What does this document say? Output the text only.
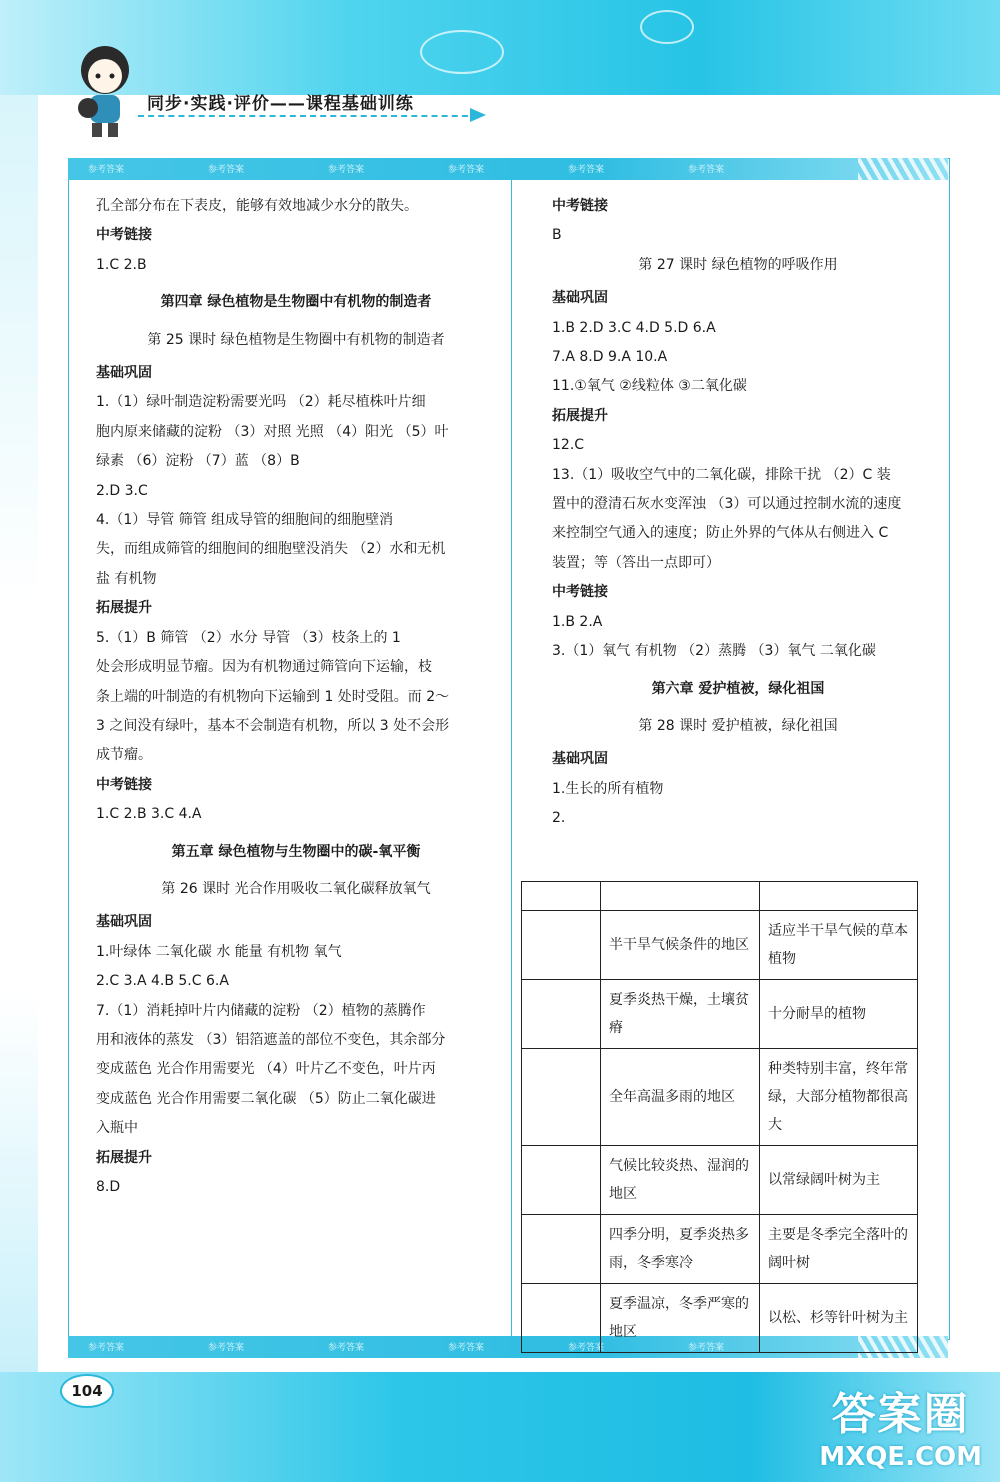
同步·实践·评价——课程基础训练
参考答案	参考答案	参考答案	参考答案	参考答案	参考答案
参考答案	参考答案	参考答案	参考答案	参考答案	参考答案

孔全部分布在下表皮，能够有效地减少水分的散失。

中考链接

1.C 2.B

第四章 绿色植物是生物圈中有机物的制造者

第 25 课时 绿色植物是生物圈中有机物的制造者

基础巩固

1.（1）绿叶制造淀粉需要光吗 （2）耗尽植株叶片细

胞内原来储藏的淀粉 （3）对照 光照 （4）阳光 （5）叶

绿素 （6）淀粉 （7）蓝 （8）B

2.D 3.C

4.（1）导管 筛管 组成导管的细胞间的细胞壁消

失，而组成筛管的细胞间的细胞壁没消失 （2）水和无机

盐 有机物

拓展提升

5.（1）B 筛管 （2）水分 导管 （3）枝条上的 1

处会形成明显节瘤。因为有机物通过筛管向下运输，枝

条上端的叶制造的有机物向下运输到 1 处时受阻。而 2～

3 之间没有绿叶，基本不会制造有机物，所以 3 处不会形

成节瘤。

中考链接

1.C 2.B 3.C 4.A

第五章 绿色植物与生物圈中的碳-氧平衡

第 26 课时 光合作用吸收二氧化碳释放氧气

基础巩固

1.叶绿体 二氧化碳 水 能量 有机物 氧气

2.C 3.A 4.B 5.C 6.A

7.（1）消耗掉叶片内储藏的淀粉 （2）植物的蒸腾作

用和液体的蒸发 （3）铝箔遮盖的部位不变色，其余部分

变成蓝色 光合作用需要光 （4）叶片乙不变色，叶片丙

变成蓝色 光合作用需要二氧化碳 （5）防止二氧化碳进

入瓶中

拓展提升

8.D

中考链接

B

第 27 课时 绿色植物的呼吸作用

基础巩固

1.B 2.D 3.C 4.D 5.D 6.A

7.A 8.D 9.A 10.A

11.①氧气 ②线粒体 ③二氧化碳

拓展提升

12.C

13.（1）吸收空气中的二氧化碳，排除干扰 （2）C 装

置中的澄清石灰水变浑浊 （3）可以通过控制水流的速度

来控制空气通入的速度；防止外界的气体从右侧进入 C

装置；等（答出一点即可）

中考链接

1.B 2.A

3.（1）氧气 有机物 （2）蒸腾 （3）氧气 二氧化碳

第六章 爱护植被，绿化祖国

第 28 课时 爱护植被，绿化祖国

基础巩固

1.生长的所有植物

2.

	半干旱气候条件的地区	适应半干旱气候的草本植物
	夏季炎热干燥，土壤贫瘠	十分耐旱的植物
	全年高温多雨的地区	种类特别丰富，终年常绿，大部分植物都很高大
	气候比较炎热、湿润的地区	以常绿阔叶树为主
	四季分明，夏季炎热多雨，冬季寒冷	主要是冬季完全落叶的阔叶树
	夏季温凉，冬季严寒的地区	以松、杉等针叶树为主
104	答案圈
MXQE.COM
